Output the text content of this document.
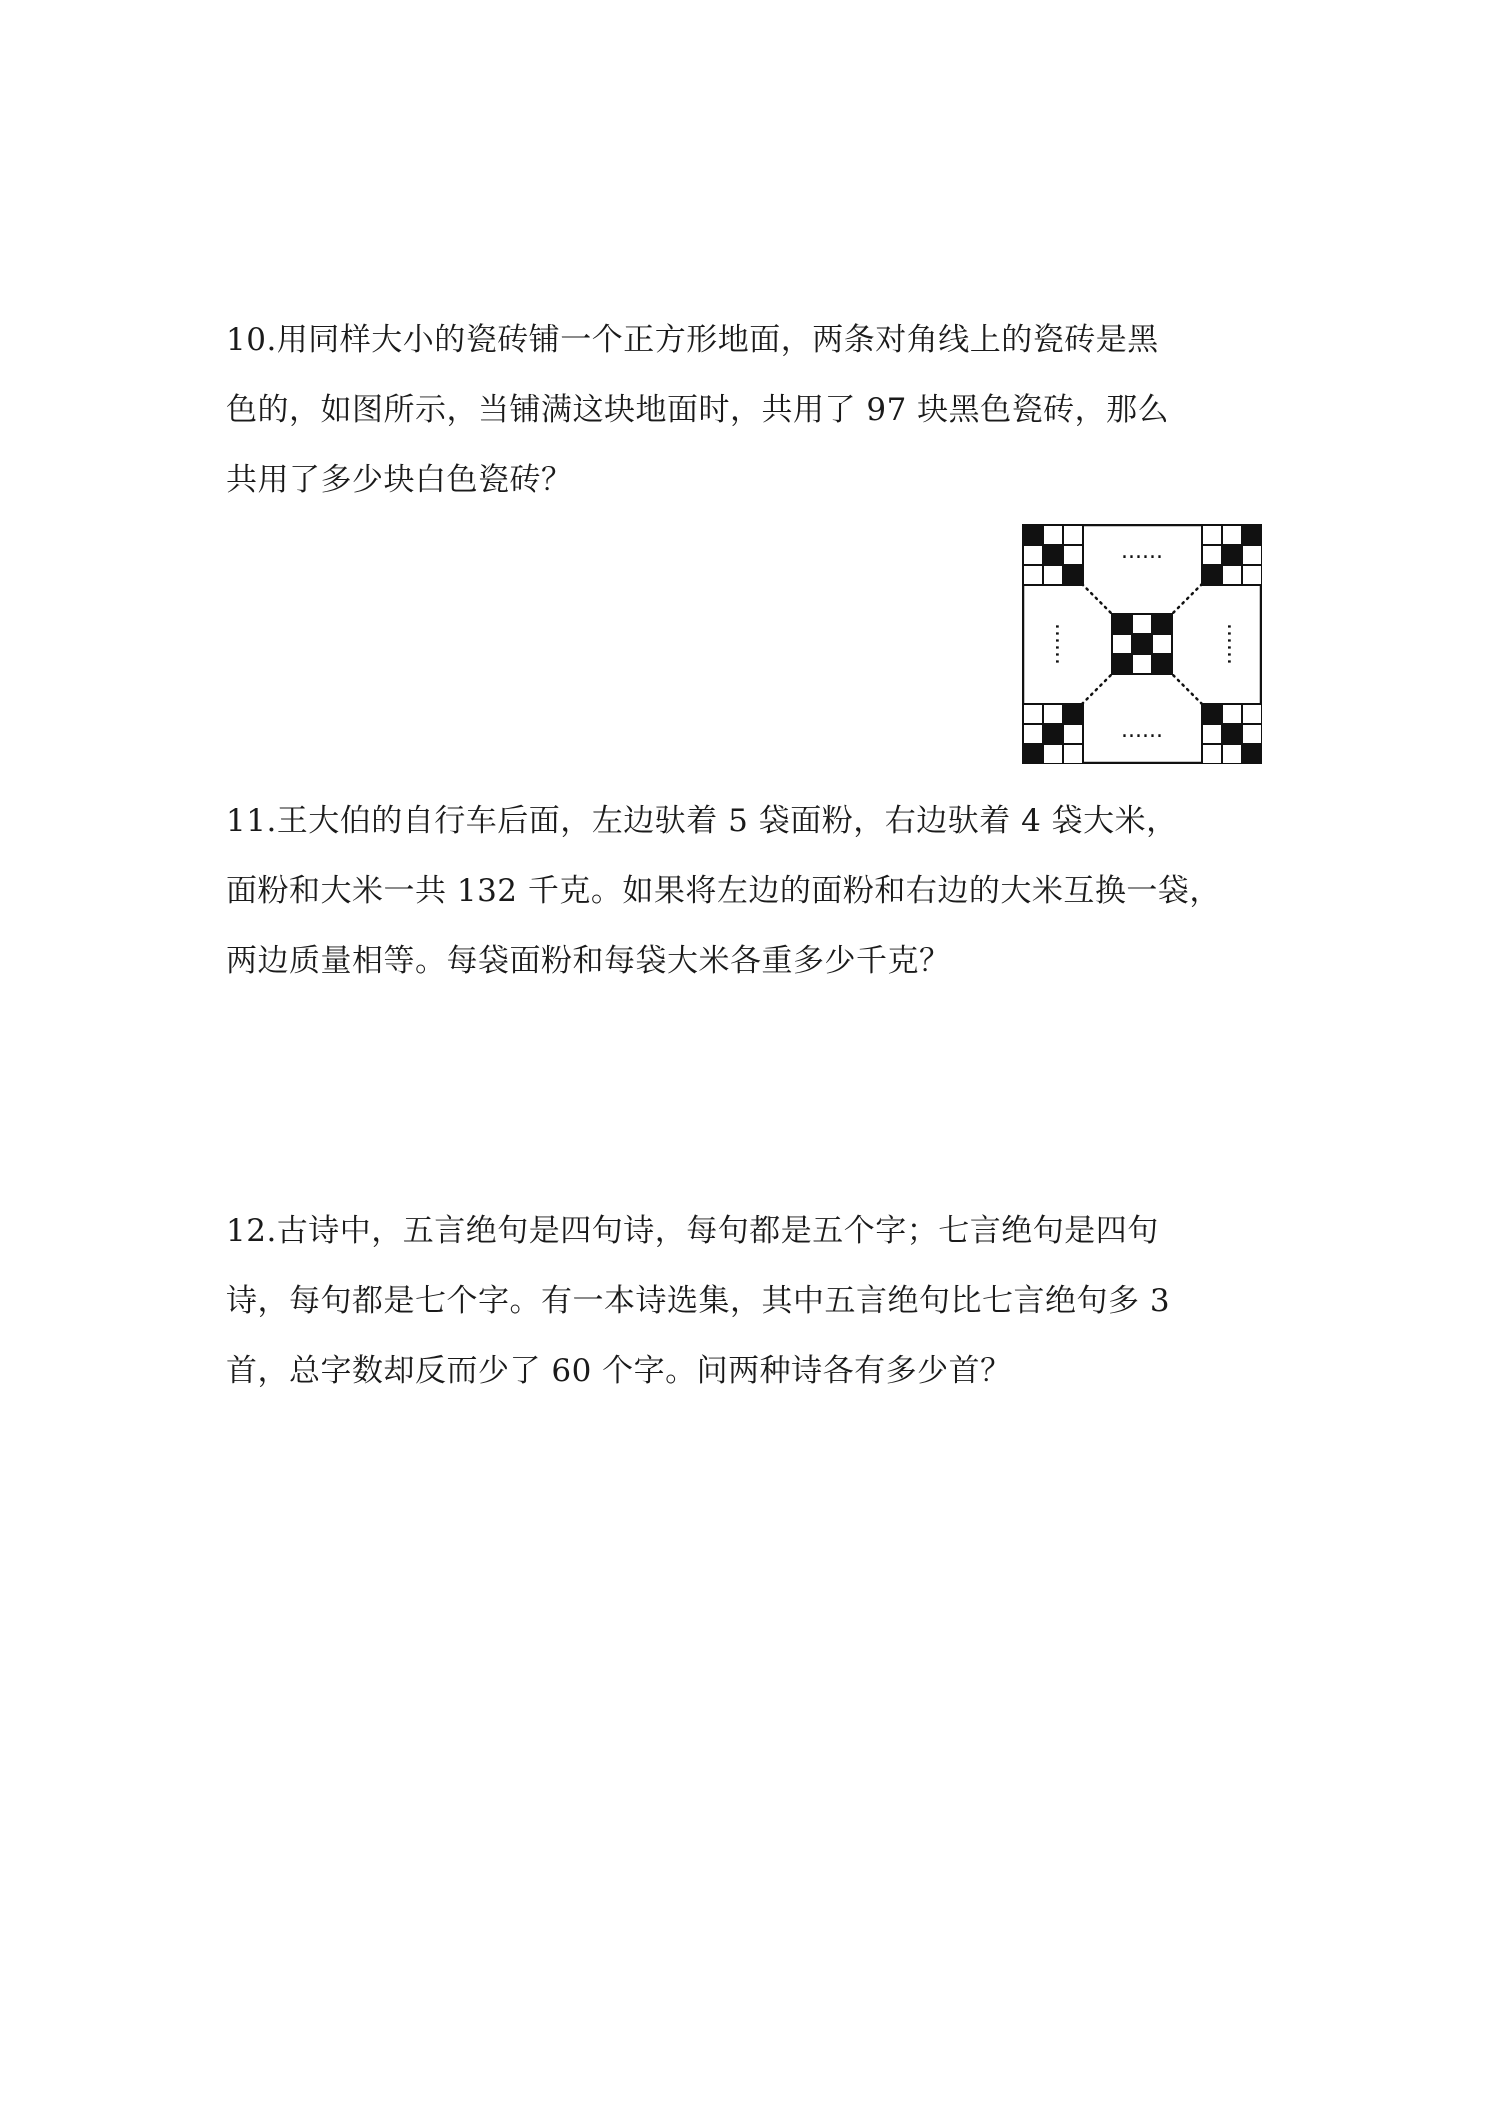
10.用同样大小的瓷砖铺一个正方形地面，两条对角线上的瓷砖是黑
色的，如图所示，当铺满这块地面时，共用了 97 块黑色瓷砖，那么
共用了多少块白色瓷砖？
......
......
......	......
11.王大伯的自行车后面，左边驮着 5 袋面粉，右边驮着 4 袋大米，
面粉和大米一共 132 千克。如果将左边的面粉和右边的大米互换一袋，
两边质量相等。每袋面粉和每袋大米各重多少千克？
12.古诗中，五言绝句是四句诗，每句都是五个字；七言绝句是四句
诗，每句都是七个字。有一本诗选集，其中五言绝句比七言绝句多 3
首，总字数却反而少了 60 个字。问两种诗各有多少首？
